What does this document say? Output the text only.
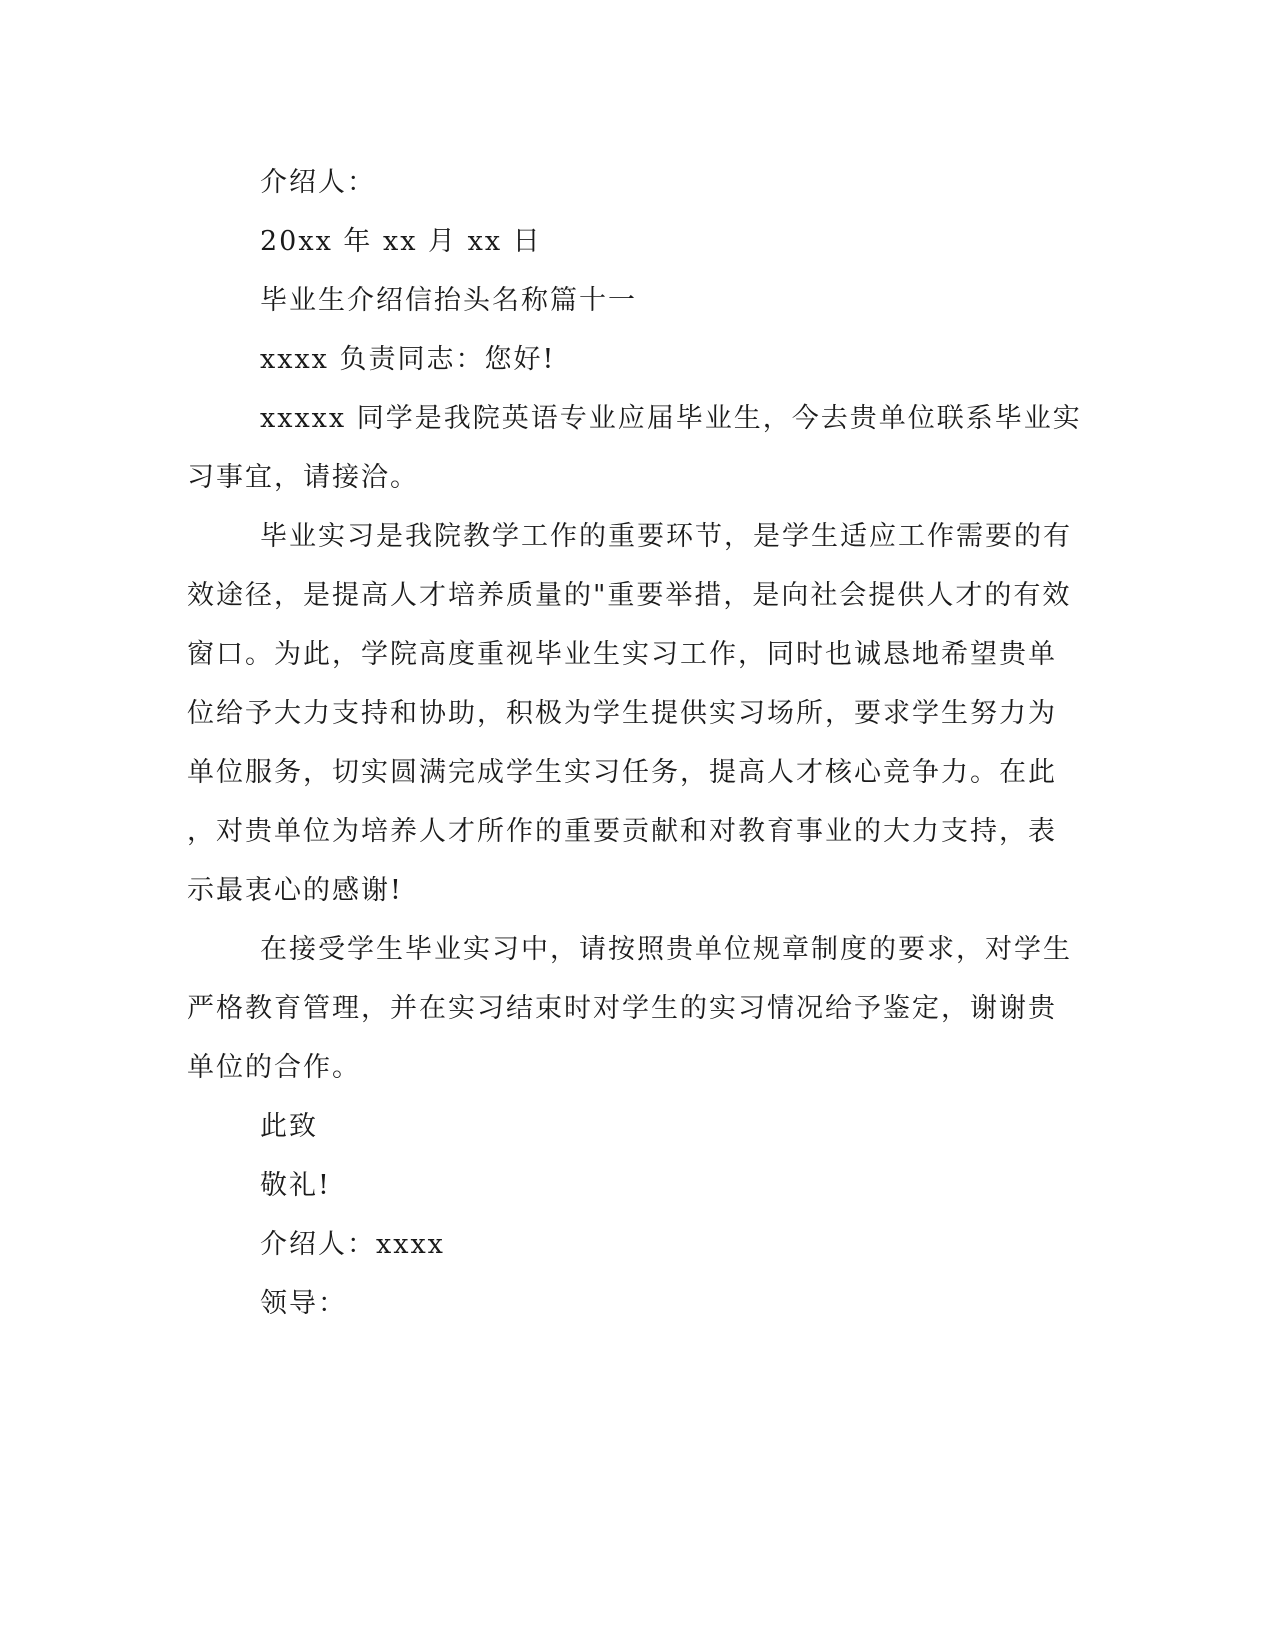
介绍人：
20xx 年 xx 月 xx 日
毕业生介绍信抬头名称篇十一
xxxx 负责同志：您好!
xxxxx 同学是我院英语专业应届毕业生，今去贵单位联系毕业实
习事宜，请接洽。
毕业实习是我院教学工作的重要环节，是学生适应工作需要的有
效途径，是提高人才培养质量的"重要举措，是向社会提供人才的有效
窗口。为此，学院高度重视毕业生实习工作，同时也诚恳地希望贵单
位给予大力支持和协助，积极为学生提供实习场所，要求学生努力为
单位服务，切实圆满完成学生实习任务，提高人才核心竞争力。在此
，对贵单位为培养人才所作的重要贡献和对教育事业的大力支持，表
示最衷心的感谢!
在接受学生毕业实习中，请按照贵单位规章制度的要求，对学生
严格教育管理，并在实习结束时对学生的实习情况给予鉴定，谢谢贵
单位的合作。
此致
敬礼!
介绍人：xxxx
领导：
